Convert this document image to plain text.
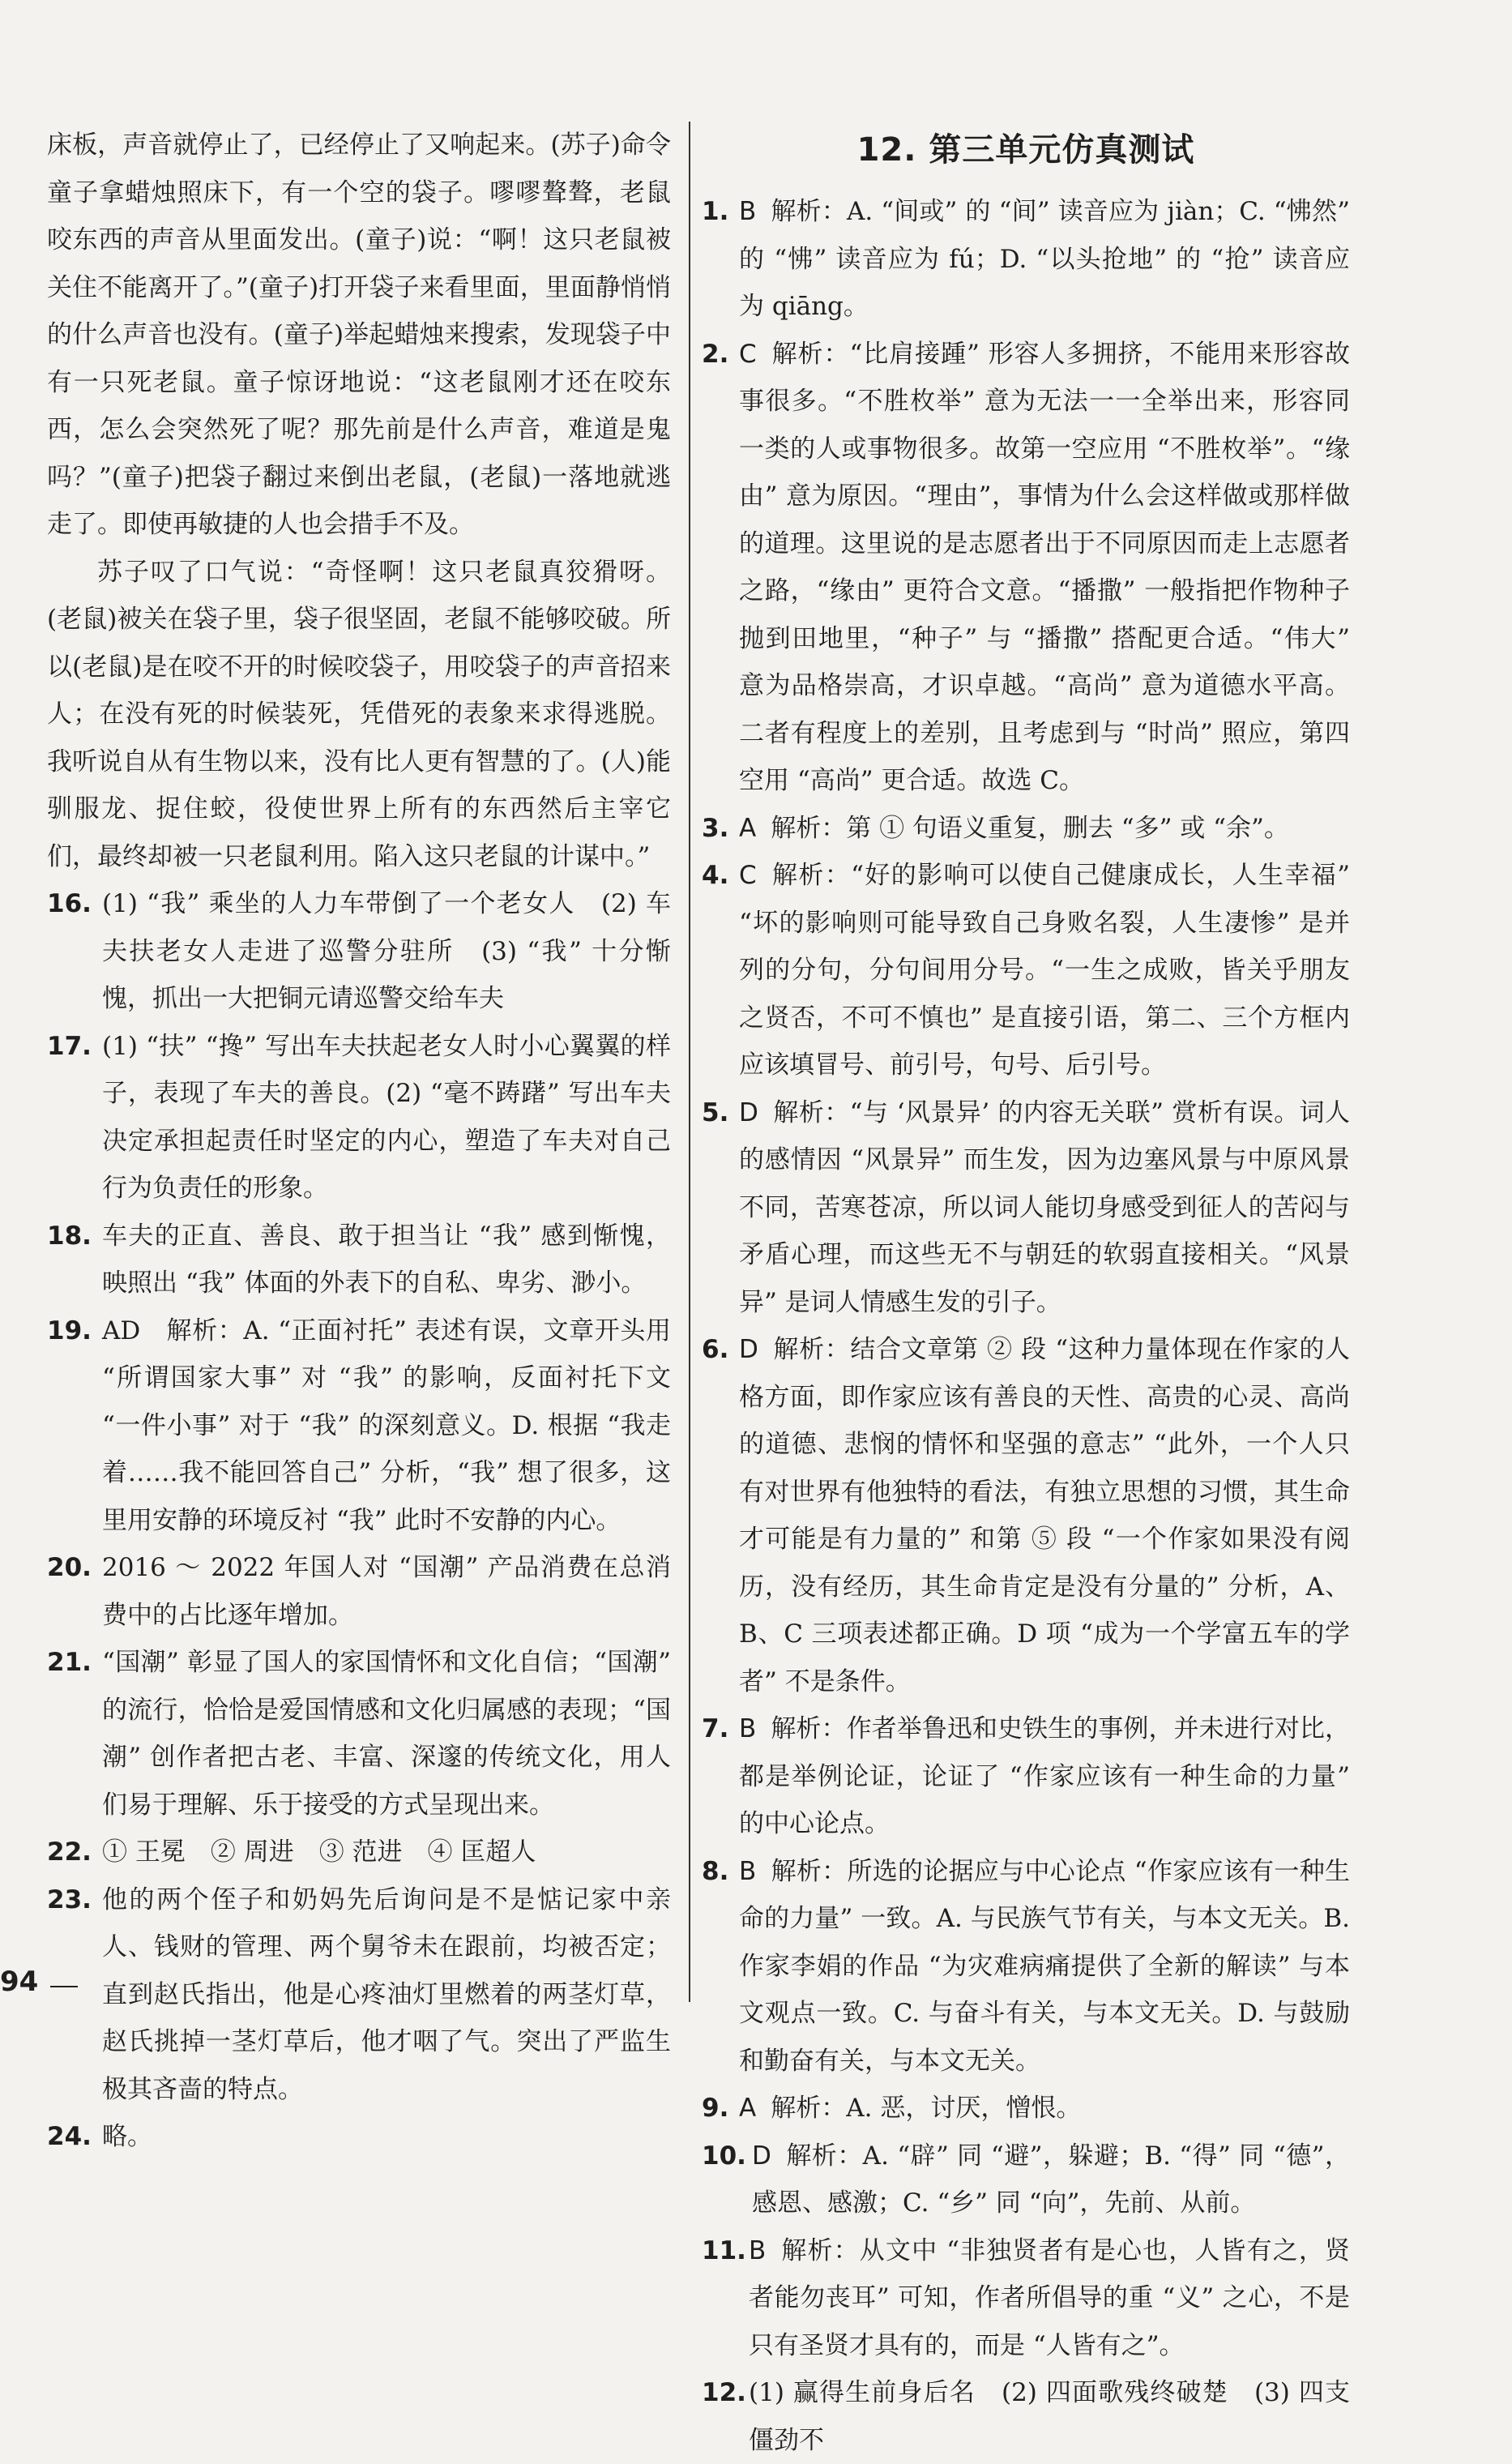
床板，声音就停止了，已经停止了又响起来。(苏子)命令童子拿蜡烛照床下，有一个空的袋子。嘐嘐聱聱，老鼠咬东西的声音从里面发出。(童子)说：“啊！这只老鼠被关住不能离开了。”(童子)打开袋子来看里面，里面静悄悄的什么声音也没有。(童子)举起蜡烛来搜索，发现袋子中有一只死老鼠。童子惊讶地说：“这老鼠刚才还在咬东西，怎么会突然死了呢？那先前是什么声音，难道是鬼吗？”(童子)把袋子翻过来倒出老鼠，(老鼠)一落地就逃走了。即使再敏捷的人也会措手不及。

苏子叹了口气说：“奇怪啊！这只老鼠真狡猾呀。(老鼠)被关在袋子里，袋子很坚固，老鼠不能够咬破。所以(老鼠)是在咬不开的时候咬袋子，用咬袋子的声音招来人；在没有死的时候装死，凭借死的表象来求得逃脱。我听说自从有生物以来，没有比人更有智慧的了。(人)能驯服龙、捉住蛟，役使世界上所有的东西然后主宰它们，最终却被一只老鼠利用。陷入这只老鼠的计谋中。”

16. (1) “我” 乘坐的人力车带倒了一个老女人　(2) 车夫扶老女人走进了巡警分驻所　(3) “我” 十分惭愧，抓出一大把铜元请巡警交给车夫
17. (1) “扶” “搀” 写出车夫扶起老女人时小心翼翼的样子，表现了车夫的善良。(2) “毫不踌躇” 写出车夫决定承担起责任时坚定的内心，塑造了车夫对自己行为负责任的形象。
18. 车夫的正直、善良、敢于担当让 “我” 感到惭愧，映照出 “我” 体面的外表下的自私、卑劣、渺小。
19. AD　解析：A. “正面衬托” 表述有误，文章开头用 “所谓国家大事” 对 “我” 的影响，反面衬托下文 “一件小事” 对于 “我” 的深刻意义。D. 根据 “我走着……我不能回答自己” 分析，“我” 想了很多，这里用安静的环境反衬 “我” 此时不安静的内心。
20. 2016 ～ 2022 年国人对 “国潮” 产品消费在总消费中的占比逐年增加。
21. “国潮” 彰显了国人的家国情怀和文化自信；“国潮” 的流行，恰恰是爱国情感和文化归属感的表现；“国潮” 创作者把古老、丰富、深邃的传统文化，用人们易于理解、乐于接受的方式呈现出来。
22. ① 王冕　② 周进　③ 范进　④ 匡超人
23. 他的两个侄子和奶妈先后询问是不是惦记家中亲人、钱财的管理、两个舅爷未在跟前，均被否定；直到赵氏指出，他是心疼油灯里燃着的两茎灯草，赵氏挑掉一茎灯草后，他才咽了气。突出了严监生极其吝啬的特点。
24. 略。
12. 第三单元仿真测试
1. B 解析：A. “间或” 的 “间” 读音应为 jiàn；C. “怫然” 的 “怫” 读音应为 fú；D. “以头抢地” 的 “抢” 读音应为 qiāng。
2. C 解析：“比肩接踵” 形容人多拥挤，不能用来形容故事很多。“不胜枚举” 意为无法一一全举出来，形容同一类的人或事物很多。故第一空应用 “不胜枚举”。“缘由” 意为原因。“理由”，事情为什么会这样做或那样做的道理。这里说的是志愿者出于不同原因而走上志愿者之路，“缘由” 更符合文意。“播撒” 一般指把作物种子抛到田地里，“种子” 与 “播撒” 搭配更合适。“伟大” 意为品格崇高，才识卓越。“高尚” 意为道德水平高。二者有程度上的差别，且考虑到与 “时尚” 照应，第四空用 “高尚” 更合适。故选 C。
3. A 解析：第 ① 句语义重复，删去 “多” 或 “余”。
4. C 解析：“好的影响可以使自己健康成长，人生幸福” “坏的影响则可能导致自己身败名裂，人生凄惨” 是并列的分句，分句间用分号。“一生之成败，皆关乎朋友之贤否，不可不慎也” 是直接引语，第二、三个方框内应该填冒号、前引号，句号、后引号。
5. D 解析：“与 ‘风景异’ 的内容无关联” 赏析有误。词人的感情因 “风景异” 而生发，因为边塞风景与中原风景不同，苦寒苍凉，所以词人能切身感受到征人的苦闷与矛盾心理，而这些无不与朝廷的软弱直接相关。“风景异” 是词人情感生发的引子。
6. D 解析：结合文章第 ② 段 “这种力量体现在作家的人格方面，即作家应该有善良的天性、高贵的心灵、高尚的道德、悲悯的情怀和坚强的意志” “此外，一个人只有对世界有他独特的看法，有独立思想的习惯，其生命才可能是有力量的” 和第 ⑤ 段 “一个作家如果没有阅历，没有经历，其生命肯定是没有分量的” 分析，A、B、C 三项表述都正确。D 项 “成为一个学富五车的学者” 不是条件。
7. B 解析：作者举鲁迅和史铁生的事例，并未进行对比，都是举例论证，论证了 “作家应该有一种生命的力量” 的中心论点。
8. B 解析：所选的论据应与中心论点 “作家应该有一种生命的力量” 一致。A. 与民族气节有关，与本文无关。B. 作家李娟的作品 “为灾难病痛提供了全新的解读” 与本文观点一致。C. 与奋斗有关，与本文无关。D. 与鼓励和勤奋有关，与本文无关。
9. A 解析：A. 恶，讨厌，憎恨。
10. D 解析：A. “辟” 同 “避”，躲避；B. “得” 同 “德”，感恩、感激；C. “乡” 同 “向”，先前、从前。
11. B 解析：从文中 “非独贤者有是心也，人皆有之，贤者能勿丧耳” 可知，作者所倡导的重 “义” 之心，不是只有圣贤才具有的，而是 “人皆有之”。
12. (1) 赢得生前身后名　(2) 四面歌残终破楚　(3) 四支僵劲不
94
